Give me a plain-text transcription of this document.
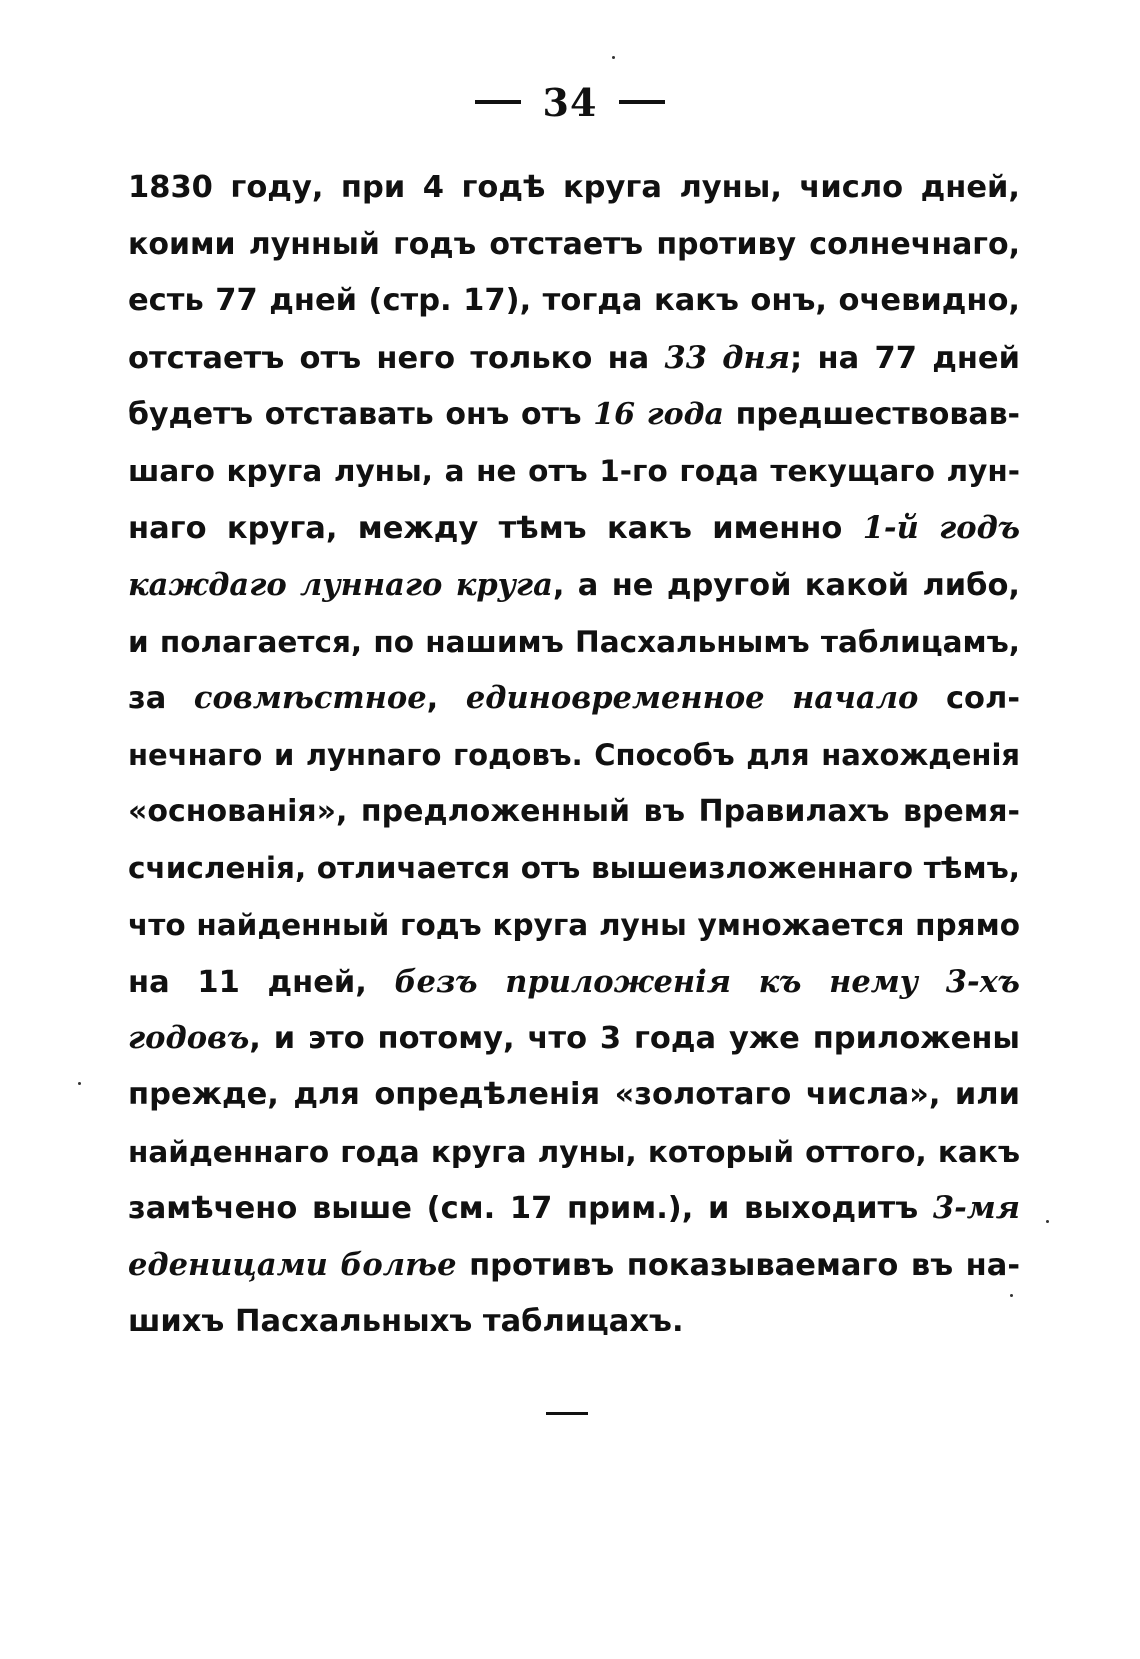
34
1830 году, при 4 годѣ круга луны, число дней,
коими лунный годъ отстаетъ противу солнечнаго,
есть 77 дней (стр. 17), тогда какъ онъ, очевидно,
отстаетъ отъ него только на 33 дня; на 77 дней
будетъ отставать онъ отъ 16 года предшествовав-
шаго круга луны, а не отъ 1-го года текущаго лун-
наго круга, между тѣмъ какъ именно 1-й годъ
каждаго луннаго круга, а не другой какой либо,
и полагается, по нашимъ Пасхальнымъ таблицамъ,
за совмѣстное, единовременное начало сол-
нечнаго и лунnаго годовъ. Способъ для нахожденія
«основанія», предложенный въ Правилахъ время-
счисленія, отличается отъ вышеизложеннаго тѣмъ,
что найденный годъ круга луны умножается прямо
на 11 дней, безъ приложенія къ нему 3-хъ
годовъ, и это потому, что 3 года уже приложены
прежде, для опредѣленія «золотаго числа», или
найденнаго года круга луны, который оттого, какъ
замѣчено выше (см. 17 прим.), и выходитъ 3-мя
еденицами болѣе противъ показываемаго въ на-
шихъ Пасхальныхъ таблицахъ.
